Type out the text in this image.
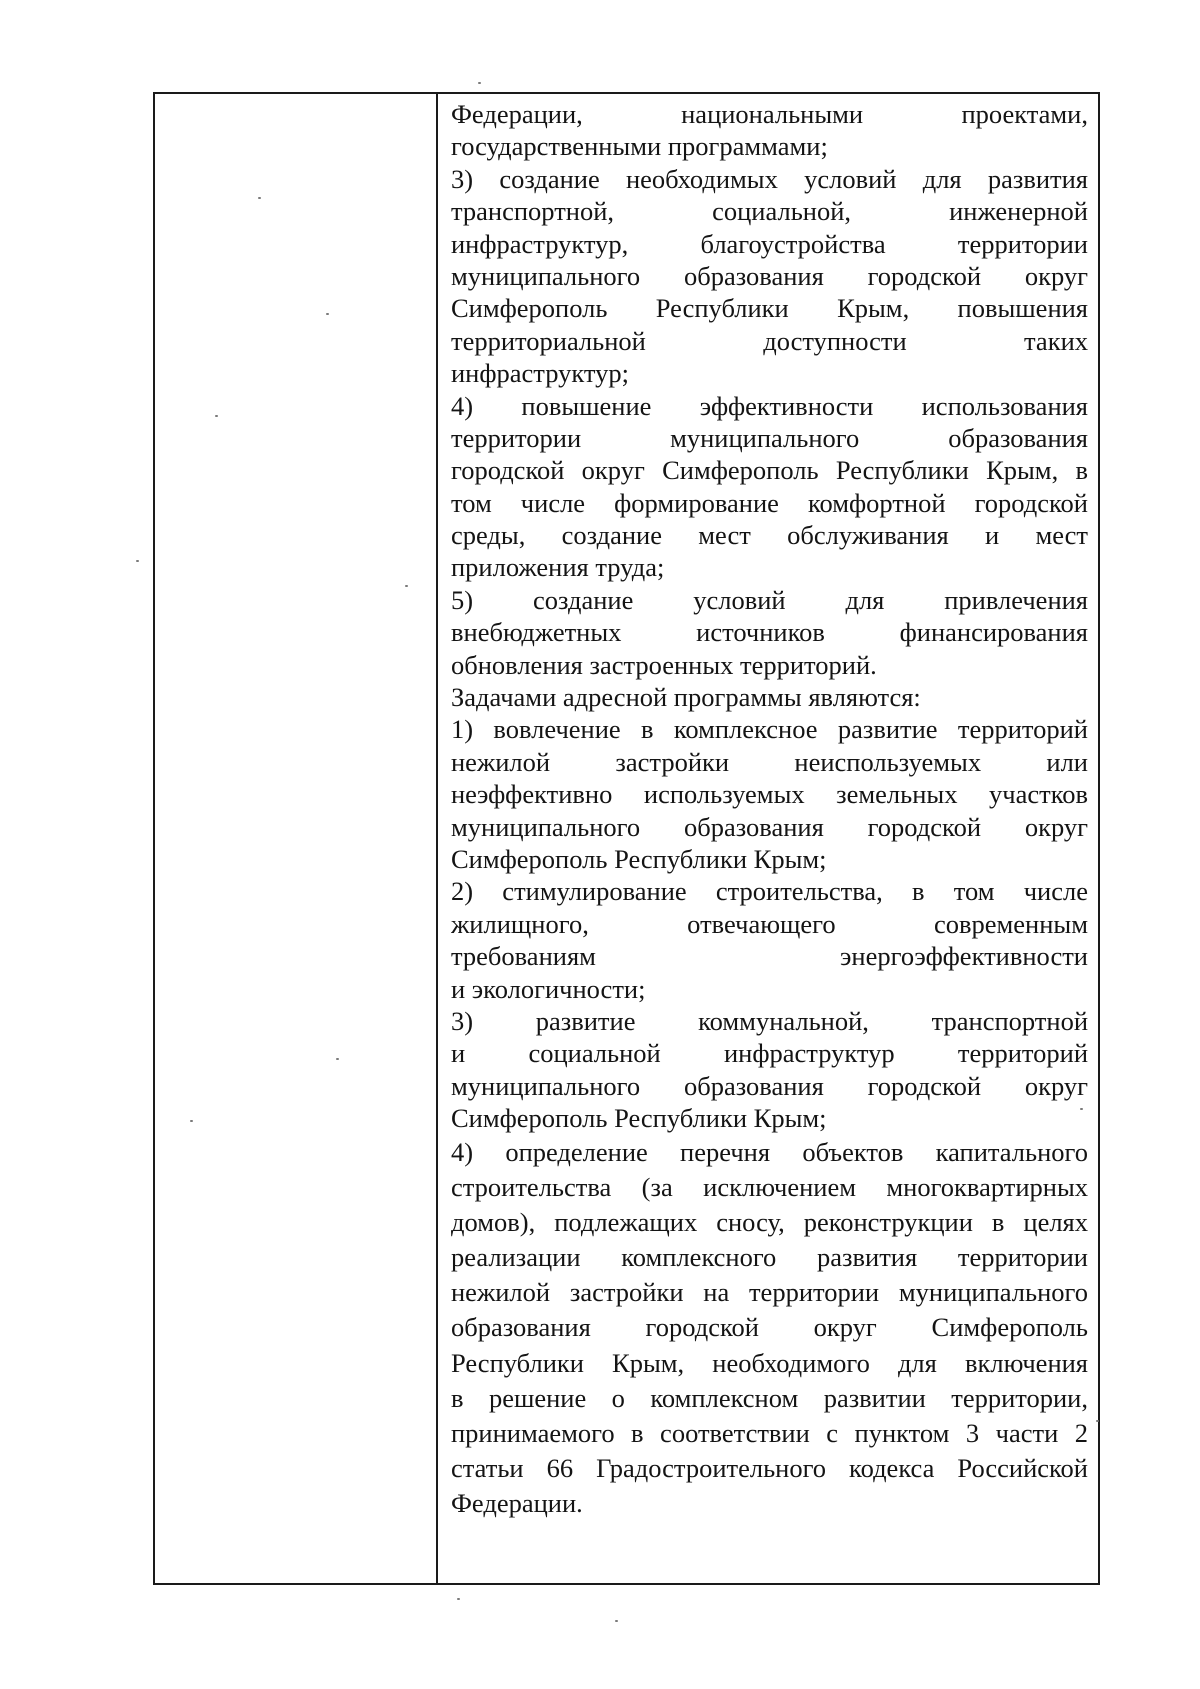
Федерации, национальными проектами,
государственными программами;
3) создание необходимых условий для развития
транспортной, социальной, инженерной
инфраструктур, благоустройства территории
муниципального образования городской округ
Симферополь Республики Крым, повышения
территориальной доступности таких
инфраструктур;
4) повышение эффективности использования
территории муниципального образования
городской округ Симферополь Республики Крым, в
том числе формирование комфортной городской
среды, создание мест обслуживания и мест
приложения труда;
5) создание условий для привлечения
внебюджетных источников финансирования
обновления застроенных территорий.
Задачами адресной программы являются:
1) вовлечение в комплексное развитие территорий
нежилой застройки неиспользуемых или
неэффективно используемых земельных участков
муниципального образования городской округ
Симферополь Республики Крым;
2) стимулирование строительства, в том числе
жилищного, отвечающего современным
требованиям энергоэффективности
и экологичности;
3) развитие коммунальной, транспортной
и социальной инфраструктур территорий
муниципального образования городской округ
Симферополь Республики Крым;
4) определение перечня объектов капитального
строительства (за исключением многоквартирных
домов), подлежащих сносу, реконструкции в целях
реализации комплексного развития территории
нежилой застройки на территории муниципального
образования городской округ Симферополь
Республики Крым, необходимого для включения
в решение о комплексном развитии территории,
принимаемого в соответствии с пунктом 3 части 2
статьи 66 Градостроительного кодекса Российской
Федерации.
